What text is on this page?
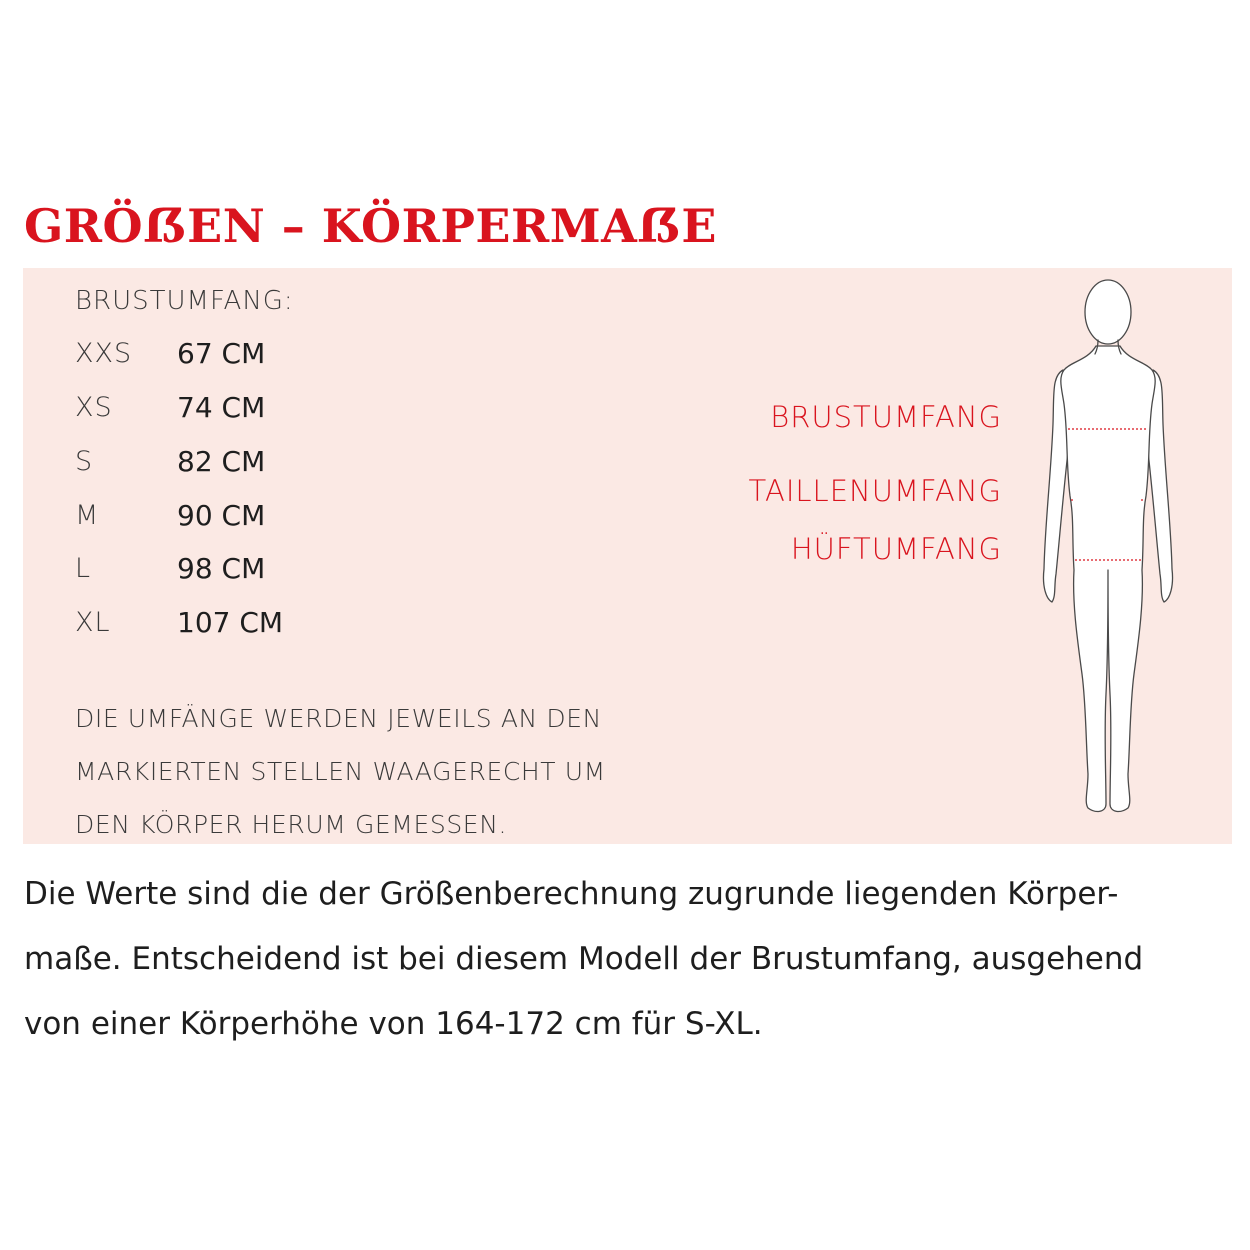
GRÖẞEN – KÖRPERMAẞE
BRUSTUMFANG:
XXS	67 CM
XS	74 CM
S	82 CM
M	90 CM
L	98 CM
XL	107 CM
DIE UMFÄNGE WERDEN JEWEILS AN DEN
MARKIERTEN STELLEN WAAGERECHT UM
DEN KÖRPER HERUM GEMESSEN.
BRUSTUMFANG
TAILLENUMFANG
HÜFTUMFANG
Die Werte sind die der Größenberechnung zugrunde liegenden Körper-
maße. Entscheidend ist bei diesem Modell der Brustumfang, ausgehend
von einer Körperhöhe von 164-172 cm für S-XL.
